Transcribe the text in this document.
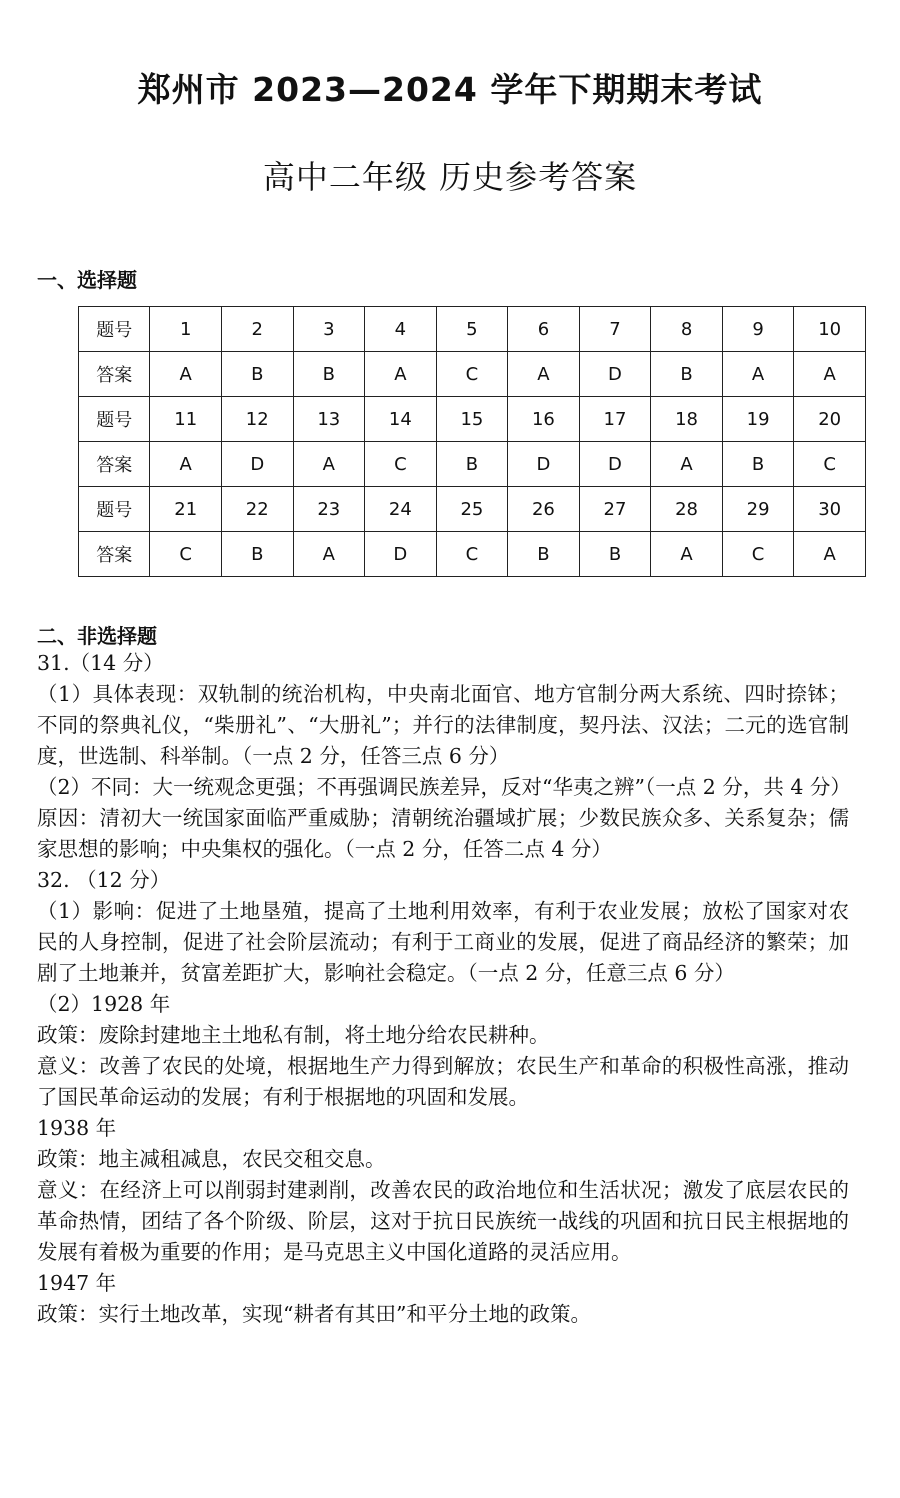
郑州市 2023—2024 学年下期期末考试
高中二年级 历史参考答案
一、选择题
题号	1	2	3	4	5	6	7	8	9	10
答案	A	B	B	A	C	A	D	B	A	A
题号	11	12	13	14	15	16	17	18	19	20
答案	A	D	A	C	B	D	D	A	B	C
题号	21	22	23	24	25	26	27	28	29	30
答案	C	B	A	D	C	B	B	A	C	A
二、非选择题

31.（14 分）

（1）具体表现：双轨制的统治机构，中央南北面官、地方官制分两大系统、四时捺钵；不同的祭典礼仪，“柴册礼”、“大册礼”；并行的法律制度，契丹法、汉法；二元的选官制度，世选制、科举制。（一点 2 分，任答三点 6 分）

（2）不同：大一统观念更强；不再强调民族差异，反对“华夷之辨”（一点 2 分，共 4 分）

原因：清初大一统国家面临严重威胁；清朝统治疆域扩展；少数民族众多、关系复杂；儒家思想的影响；中央集权的强化。（一点 2 分，任答二点 4 分）

32. （12 分）

（1）影响：促进了土地垦殖，提高了土地利用效率，有利于农业发展；放松了国家对农民的人身控制，促进了社会阶层流动；有利于工商业的发展，促进了商品经济的繁荣；加剧了土地兼并，贫富差距扩大，影响社会稳定。（一点 2 分，任意三点 6 分）

（2）1928 年

政策：废除封建地主土地私有制，将土地分给农民耕种。

意义：改善了农民的处境，根据地生产力得到解放；农民生产和革命的积极性高涨，推动了国民革命运动的发展；有利于根据地的巩固和发展。

1938 年

政策：地主减租减息，农民交租交息。

意义：在经济上可以削弱封建剥削，改善农民的政治地位和生活状况；激发了底层农民的革命热情，团结了各个阶级、阶层，这对于抗日民族统一战线的巩固和抗日民主根据地的发展有着极为重要的作用；是马克思主义中国化道路的灵活应用。

1947 年

政策：实行土地改革，实现“耕者有其田”和平分土地的政策。
